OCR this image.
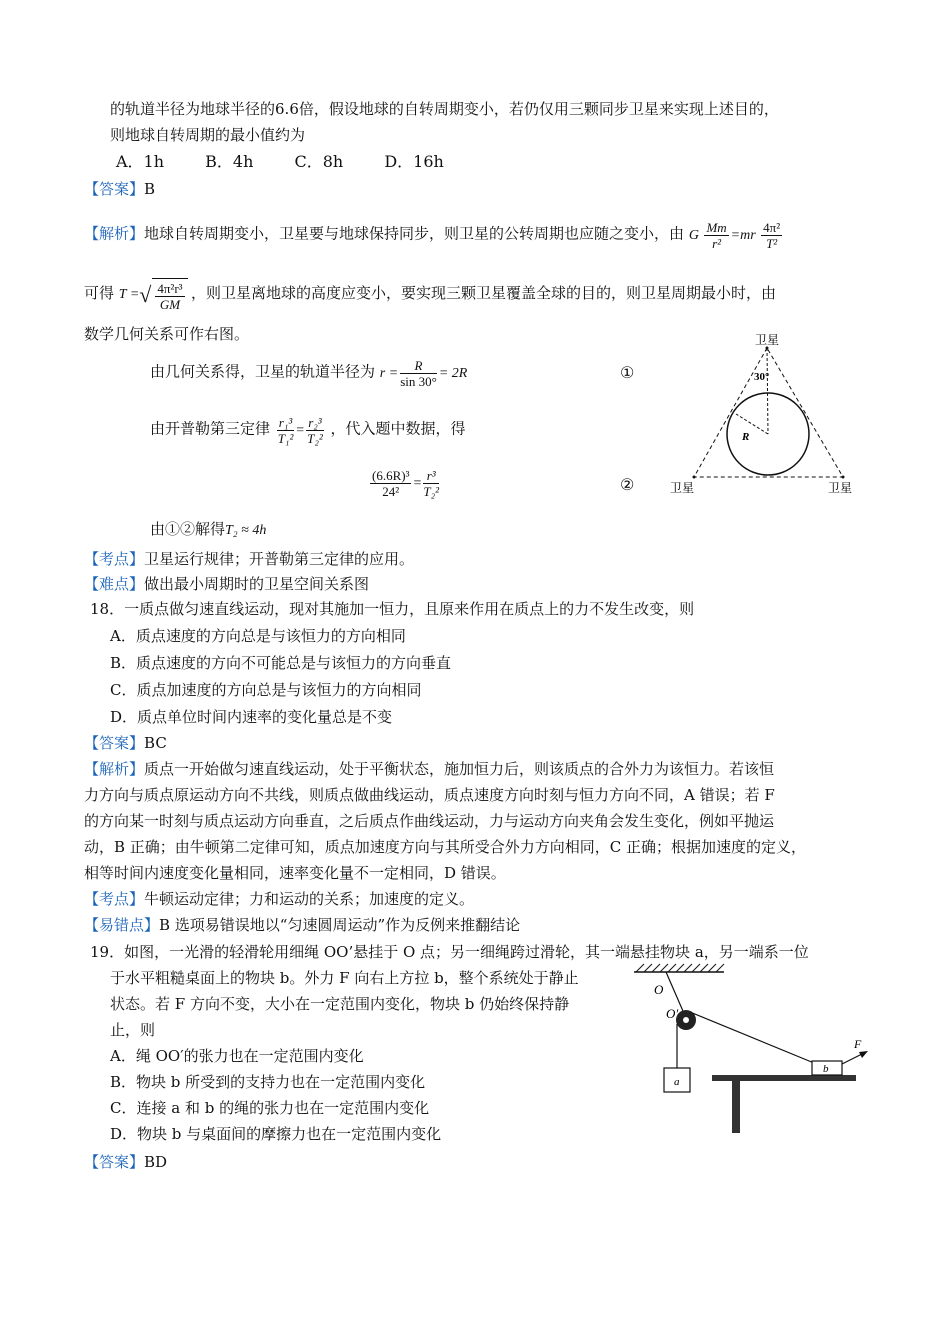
的轨道半径为地球半径的6.6倍，假设地球的自转周期变小，若仍仅用三颗同步卫星来实现上述目的，
则地球自转周期的最小值约为
A．1h	B．4h	C．8h	D．16h
【答案】B
【解析】地球自转周期变小，卫星要与地球保持同步，则卫星的公转周期也应随之变小，由 G $\frac{Mm}{\text{r²}} =mr \frac{\text{4π²}}{\text{T²}}$
可得 T =√ $\frac{\text{4π²r³}}{GM}$ ，则卫星离地球的高度应变小，要实现三颗卫星覆盖全球的目的，则卫星周期最小时，由
数学几何关系可作右图。
由几何关系得，卫星的轨道半径为 $r = \frac{R}{\sin 30^\circ} = 2R$	①
由开普勒第三定律 $\frac{\text{r₁³}}{\text{T₁²}} = \frac{\text{r₂³}}{\text{T₂²}}$ ，代入题中数据，得
$\frac{\text{(6.6R)³}}{\text{24²}} = \frac{\text{r³}}{\text{T₂²}}$	②
由①②解得T₂ ≈ 4h
卫星
卫星	卫星
30°
R
【考点】卫星运行规律；开普勒第三定律的应用。
【难点】做出最小周期时的卫星空间关系图
18．一质点做匀速直线运动，现对其施加一恒力，且原来作用在质点上的力不发生改变，则
A．质点速度的方向总是与该恒力的方向相同
B．质点速度的方向不可能总是与该恒力的方向垂直
C．质点加速度的方向总是与该恒力的方向相同
D．质点单位时间内速率的变化量总是不变
【答案】BC
【解析】质点一开始做匀速直线运动，处于平衡状态，施加恒力后，则该质点的合外力为该恒力。若该恒
力方向与质点原运动方向不共线，则质点做曲线运动，质点速度方向时刻与恒力方向不同，A 错误；若 F
的方向某一时刻与质点运动方向垂直，之后质点作曲线运动，力与运动方向夹角会发生变化，例如平抛运
动，B 正确；由牛顿第二定律可知，质点加速度方向与其所受合外力方向相同，C 正确；根据加速度的定义，
相等时间内速度变化量相同，速率变化量不一定相同，D 错误。
【考点】牛顿运动定律；力和运动的关系；加速度的定义。
【易错点】B 选项易错误地以“匀速圆周运动”作为反例来推翻结论
19．如图，一光滑的轻滑轮用细绳 OO’悬挂于 O 点；另一细绳跨过滑轮，其一端悬挂物块 a，另一端系一位
于水平粗糙桌面上的物块 b。外力 F 向右上方拉 b，整个系统处于静止
状态。若 F 方向不变，大小在一定范围内变化，物块 b 仍始终保持静
止，则
A．绳 OO′的张力也在一定范围内变化
B．物块 b 所受到的支持力也在一定范围内变化
C．连接 a 和 b 的绳的张力也在一定范围内变化
D．物块 b 与桌面间的摩擦力也在一定范围内变化
【答案】BD
O
O′
a
b
F
